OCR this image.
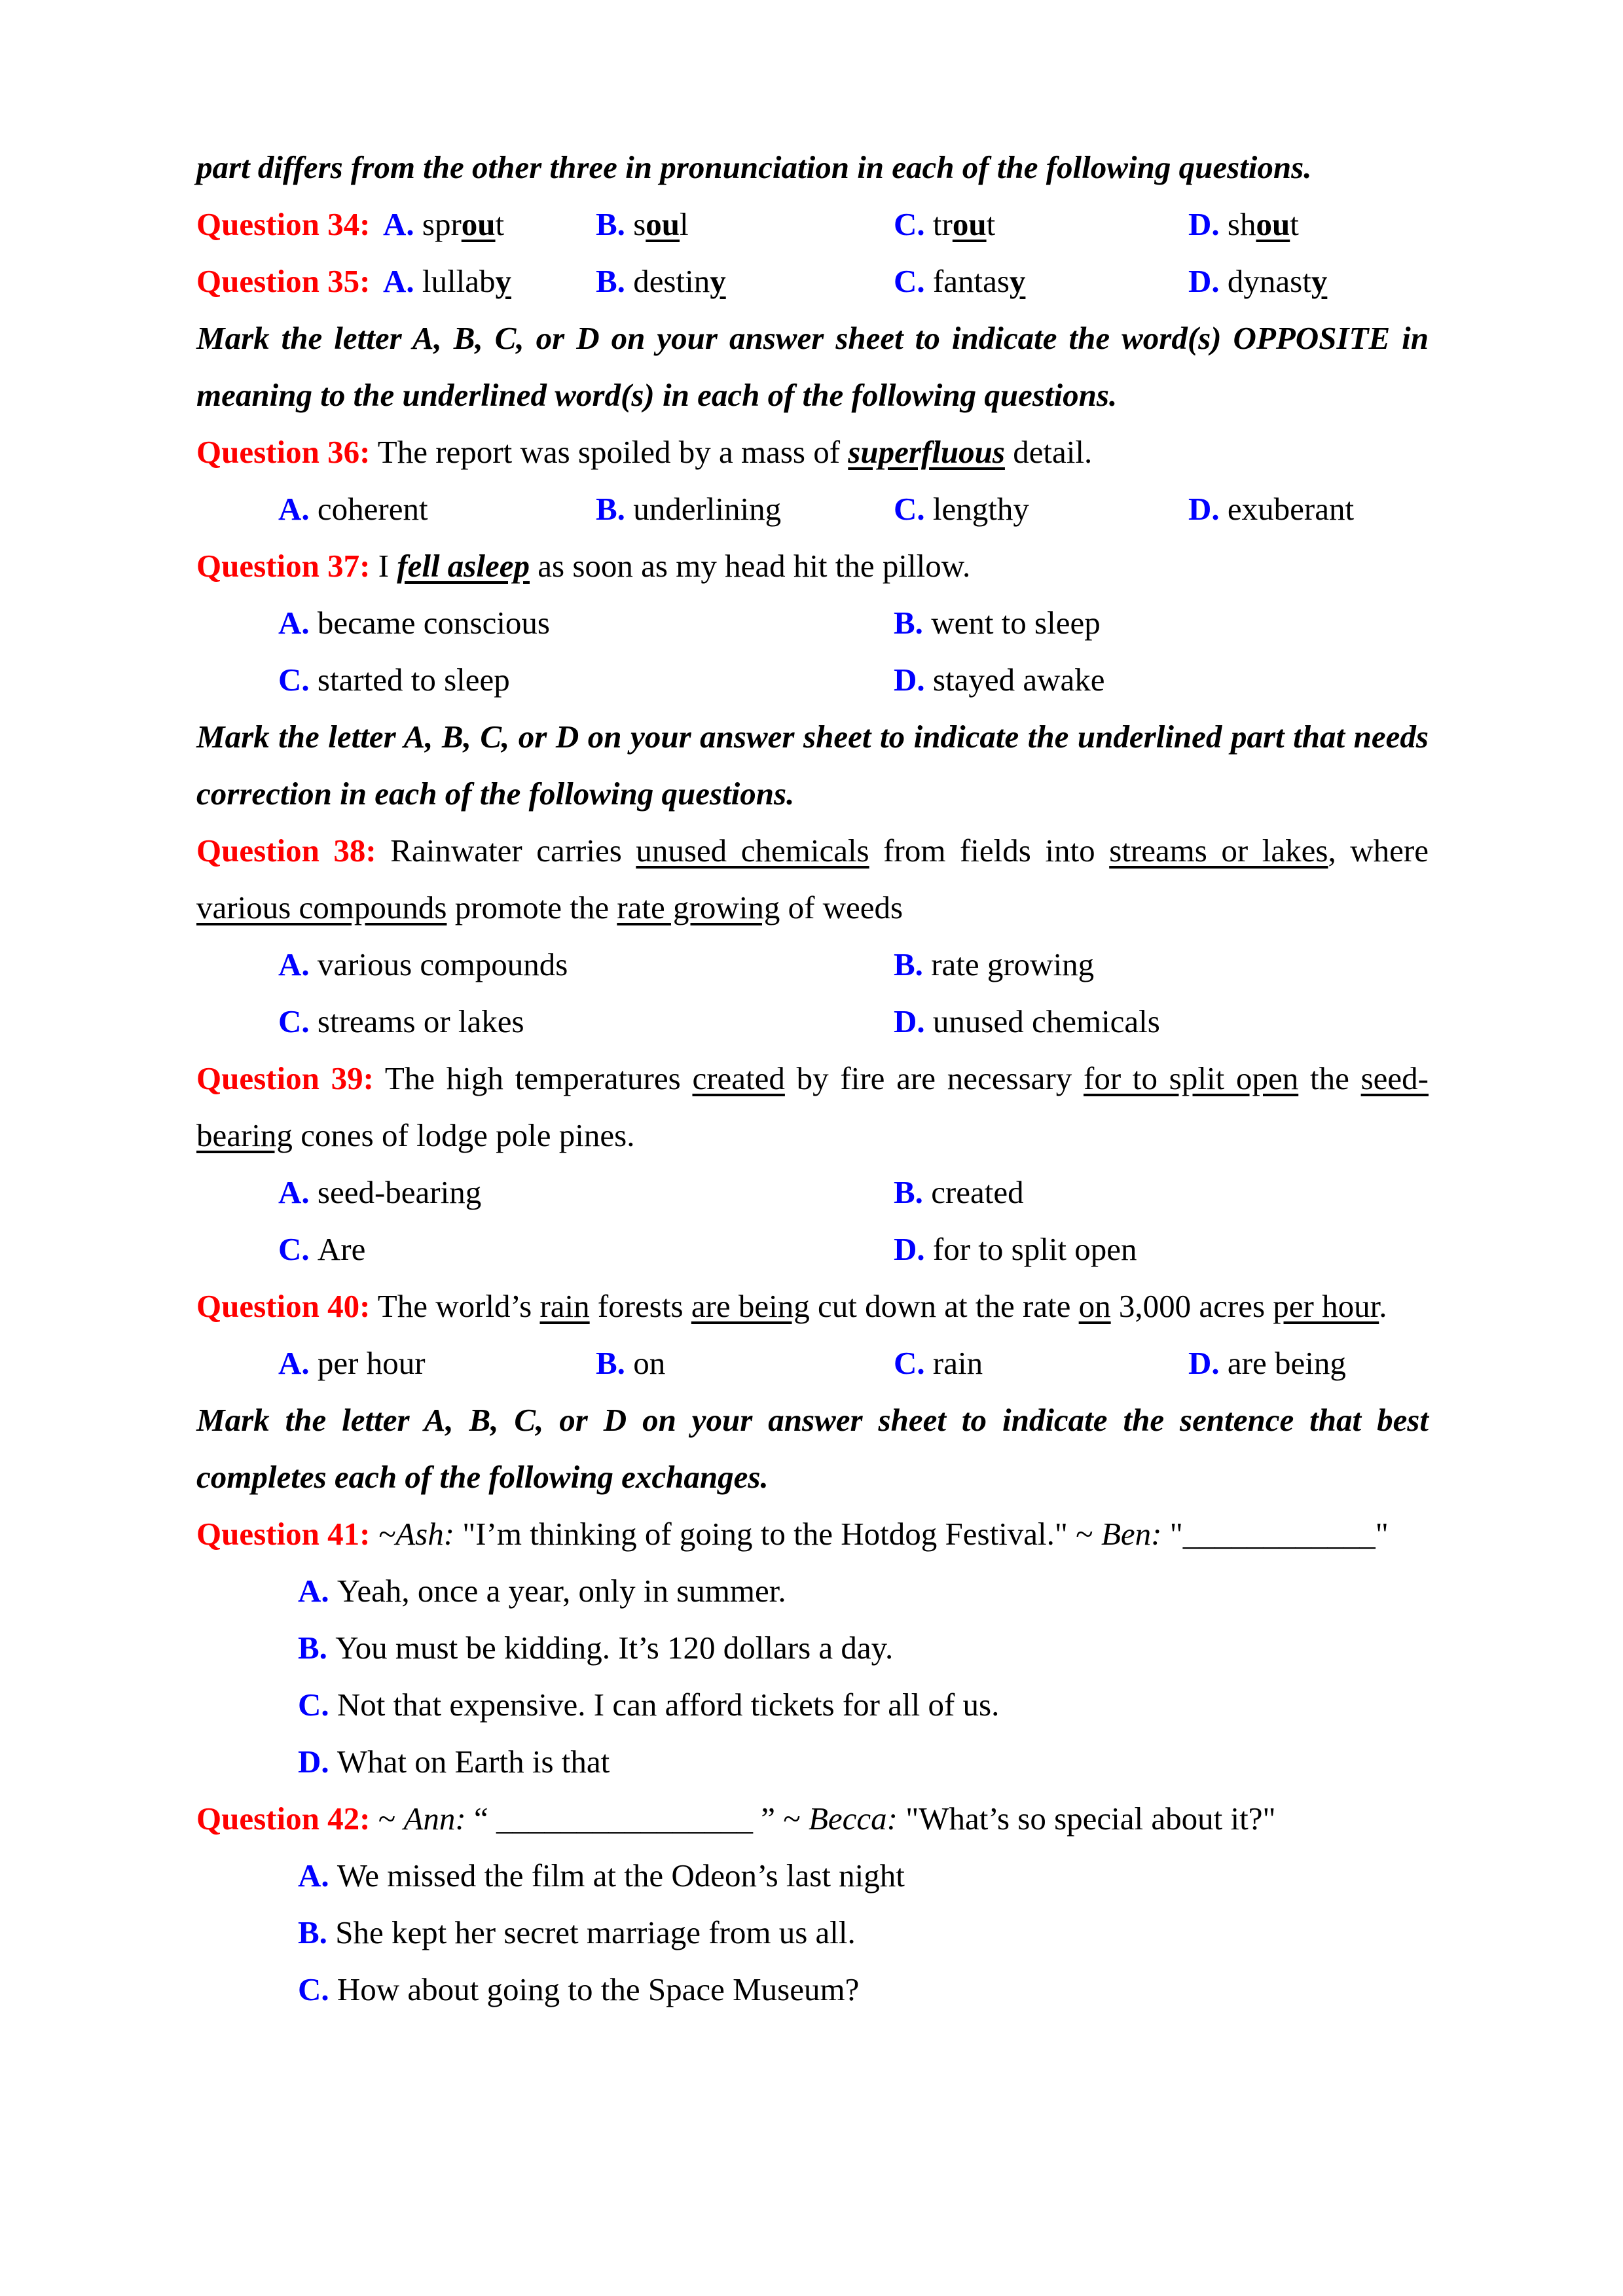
part differs from the other three in pronunciation in each of the following questions.
Question 34: A. sprout	B. soul	C. trout	D. shout
Question 35: A. lullaby	B. destiny	C. fantasy	D. dynasty
Mark the letter A, B, C, or D on your answer sheet to indicate the word(s) OPPOSITE in meaning to the underlined word(s) in each of the following questions.
Question 36: The report was spoiled by a mass of superfluous detail.
A. coherent	B. underlining	C. lengthy	D. exuberant
Question 37: I fell asleep as soon as my head hit the pillow.
A. became conscious	B. went to sleep
C. started to sleep	D. stayed awake
Mark the letter A, B, C, or D on your answer sheet to indicate the underlined part that needs correction in each of the following questions.
Question 38: Rainwater carries unused chemicals from fields into streams or lakes, where various compounds promote the rate growing of weeds
A. various compounds	B. rate growing
C. streams or lakes	D. unused chemicals
Question 39: The high temperatures created by fire are necessary for to split open the seed-bearing cones of lodge pole pines.
A. seed-bearing	B. created
C. Are	D. for to split open
Question 40: The world’s rain forests are being cut down at the rate on 3,000 acres per hour.
A. per hour	B. on	C. rain	D. are being
Mark the letter A, B, C, or D on your answer sheet to indicate the sentence that best completes each of the following exchanges.
Question 41: ~Ash: "I’m thinking of going to the Hotdog Festival." ~ Ben: "____________"
A. Yeah, once a year, only in summer.
B. You must be kidding. It’s 120 dollars a day.
C. Not that expensive. I can afford tickets for all of us.
D. What on Earth is that
Question 42: ~ Ann: “ ________________ ” ~ Becca: "What’s so special about it?"
A. We missed the film at the Odeon’s last night
B. She kept her secret marriage from us all.
C. How about going to the Space Museum?
